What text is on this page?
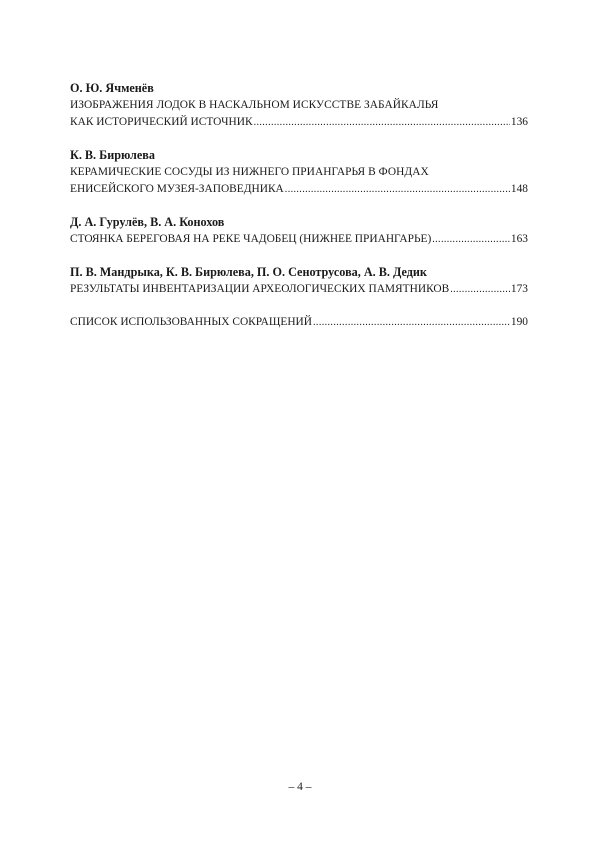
О. Ю. Ячменёв
ИЗОБРАЖЕНИЯ ЛОДОК В НАСКАЛЬНОМ ИСКУССТВЕ ЗАБАЙКАЛЬЯ
КАК ИСТОРИЧЕСКИЙ ИСТОЧНИК .....	136
К. В. Бирюлева
КЕРАМИЧЕСКИЕ СОСУДЫ ИЗ НИЖНЕГО ПРИАНГАРЬЯ В ФОНДАХ
ЕНИСЕЙСКОГО МУЗЕЯ-ЗАПОВЕДНИКА .....	148
Д. А. Гурулёв, В. А. Конохов
СТОЯНКА БЕРЕГОВАЯ НА РЕКЕ ЧАДОБЕЦ (НИЖНЕЕ ПРИАНГАРЬЕ) .....	163
П. В. Мандрыка, К. В. Бирюлева, П. О. Сенотрусова, А. В. Дедик
РЕЗУЛЬТАТЫ ИНВЕНТАРИЗАЦИИ АРХЕОЛОГИЧЕСКИХ ПАМЯТНИКОВ .....	173
СПИСОК ИСПОЛЬЗОВАННЫХ СОКРАЩЕНИЙ .....	190
– 4 –
